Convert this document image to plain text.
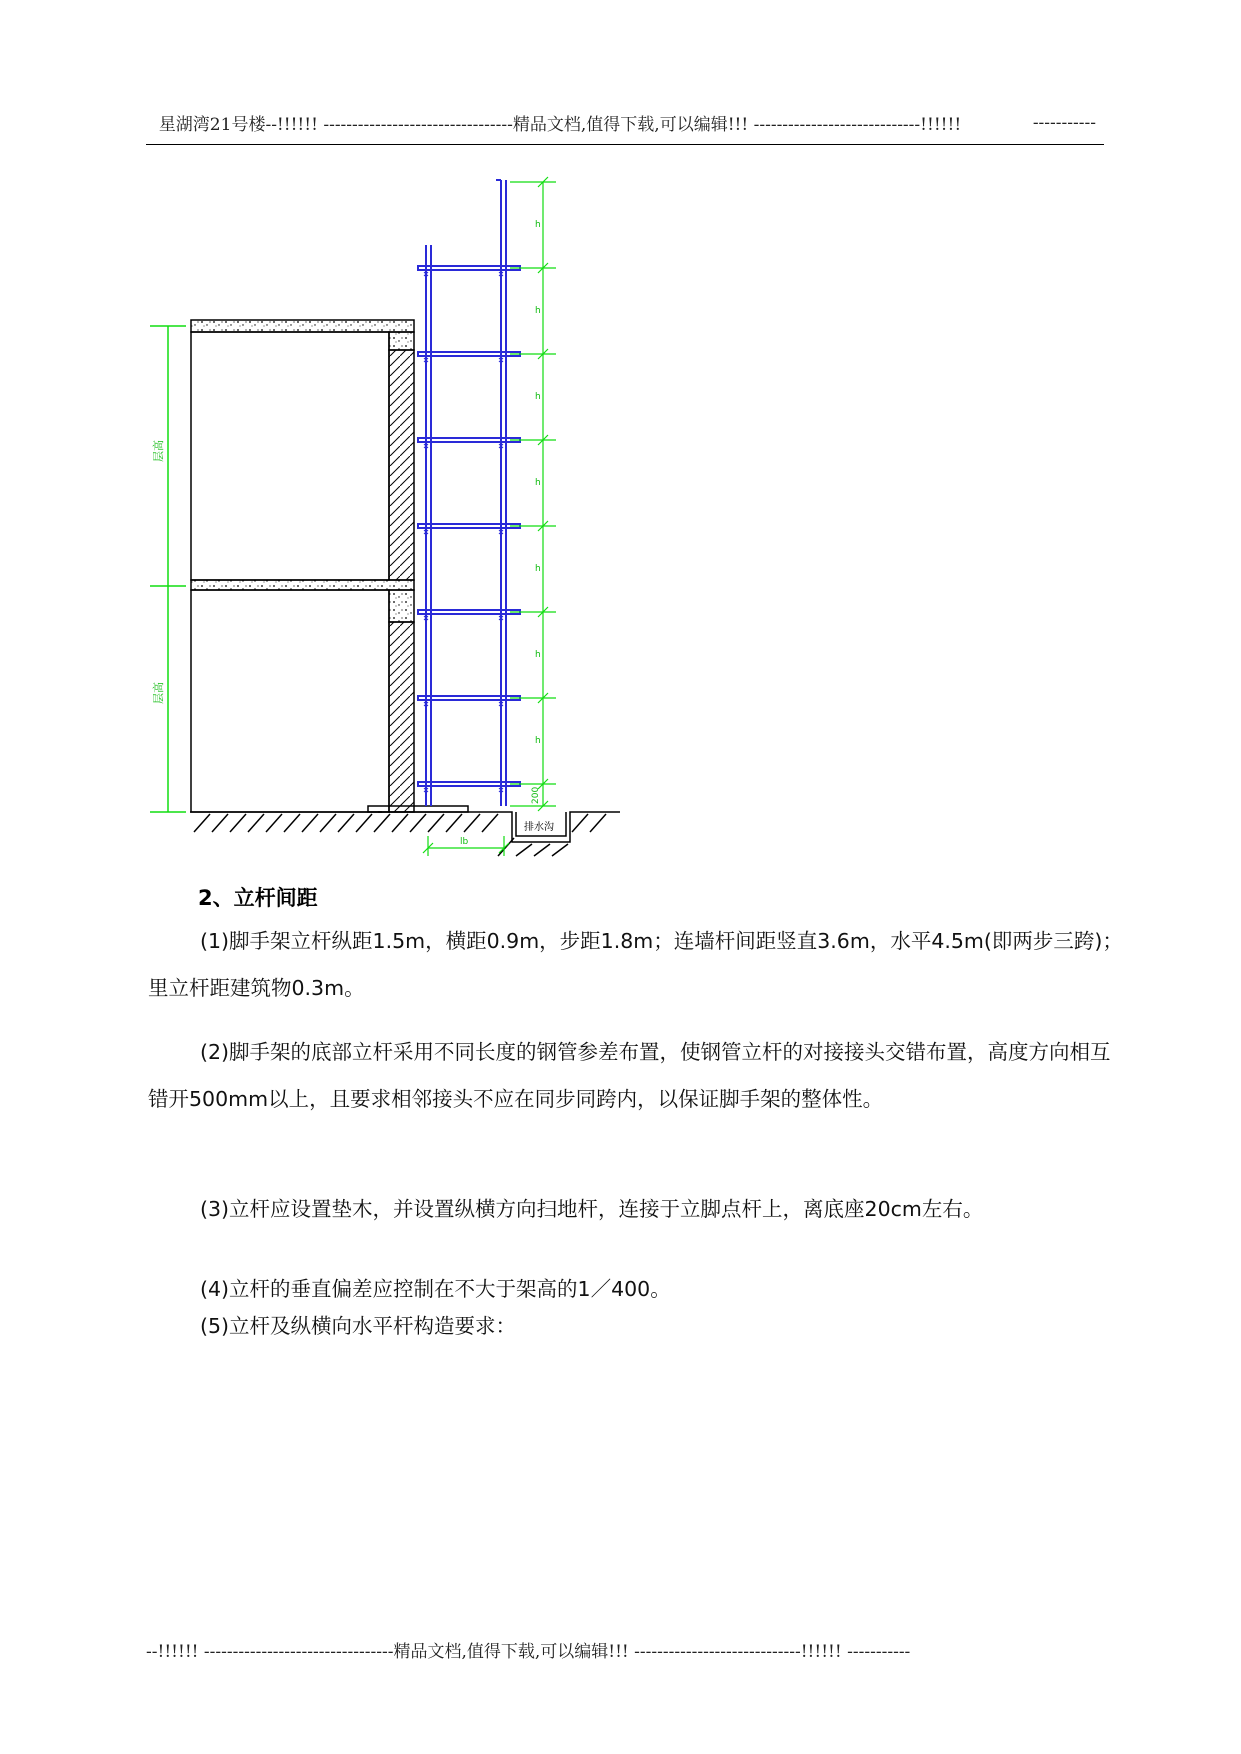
星湖湾21号楼--!!!!!! ---------------------------------精品文档,值得下载,可以编辑!!! -----------------------------!!!!!!
	-----------

层高
层高
排水沟
h
h
h
h
h
h
h
200
lb
2、立杆间距
(1)脚手架立杆纵距1.5m，横距0.9m，步距1.8m；连墙杆间距竖直3.6m，水平4.5m(即两步三跨)；里立杆距建筑物0.3m。
(2)脚手架的底部立杆采用不同长度的钢管参差布置，使钢管立杆的对接接头交错布置，高度方向相互错开500mm以上，且要求相邻接头不应在同步同跨内，以保证脚手架的整体性。
(3)立杆应设置垫木，并设置纵横方向扫地杆，连接于立脚点杆上，离底座20cm左右。
(4)立杆的垂直偏差应控制在不大于架高的1／400。
(5)立杆及纵横向水平杆构造要求：
--!!!!!! ---------------------------------精品文档,值得下载,可以编辑!!! -----------------------------!!!!!! -----------
